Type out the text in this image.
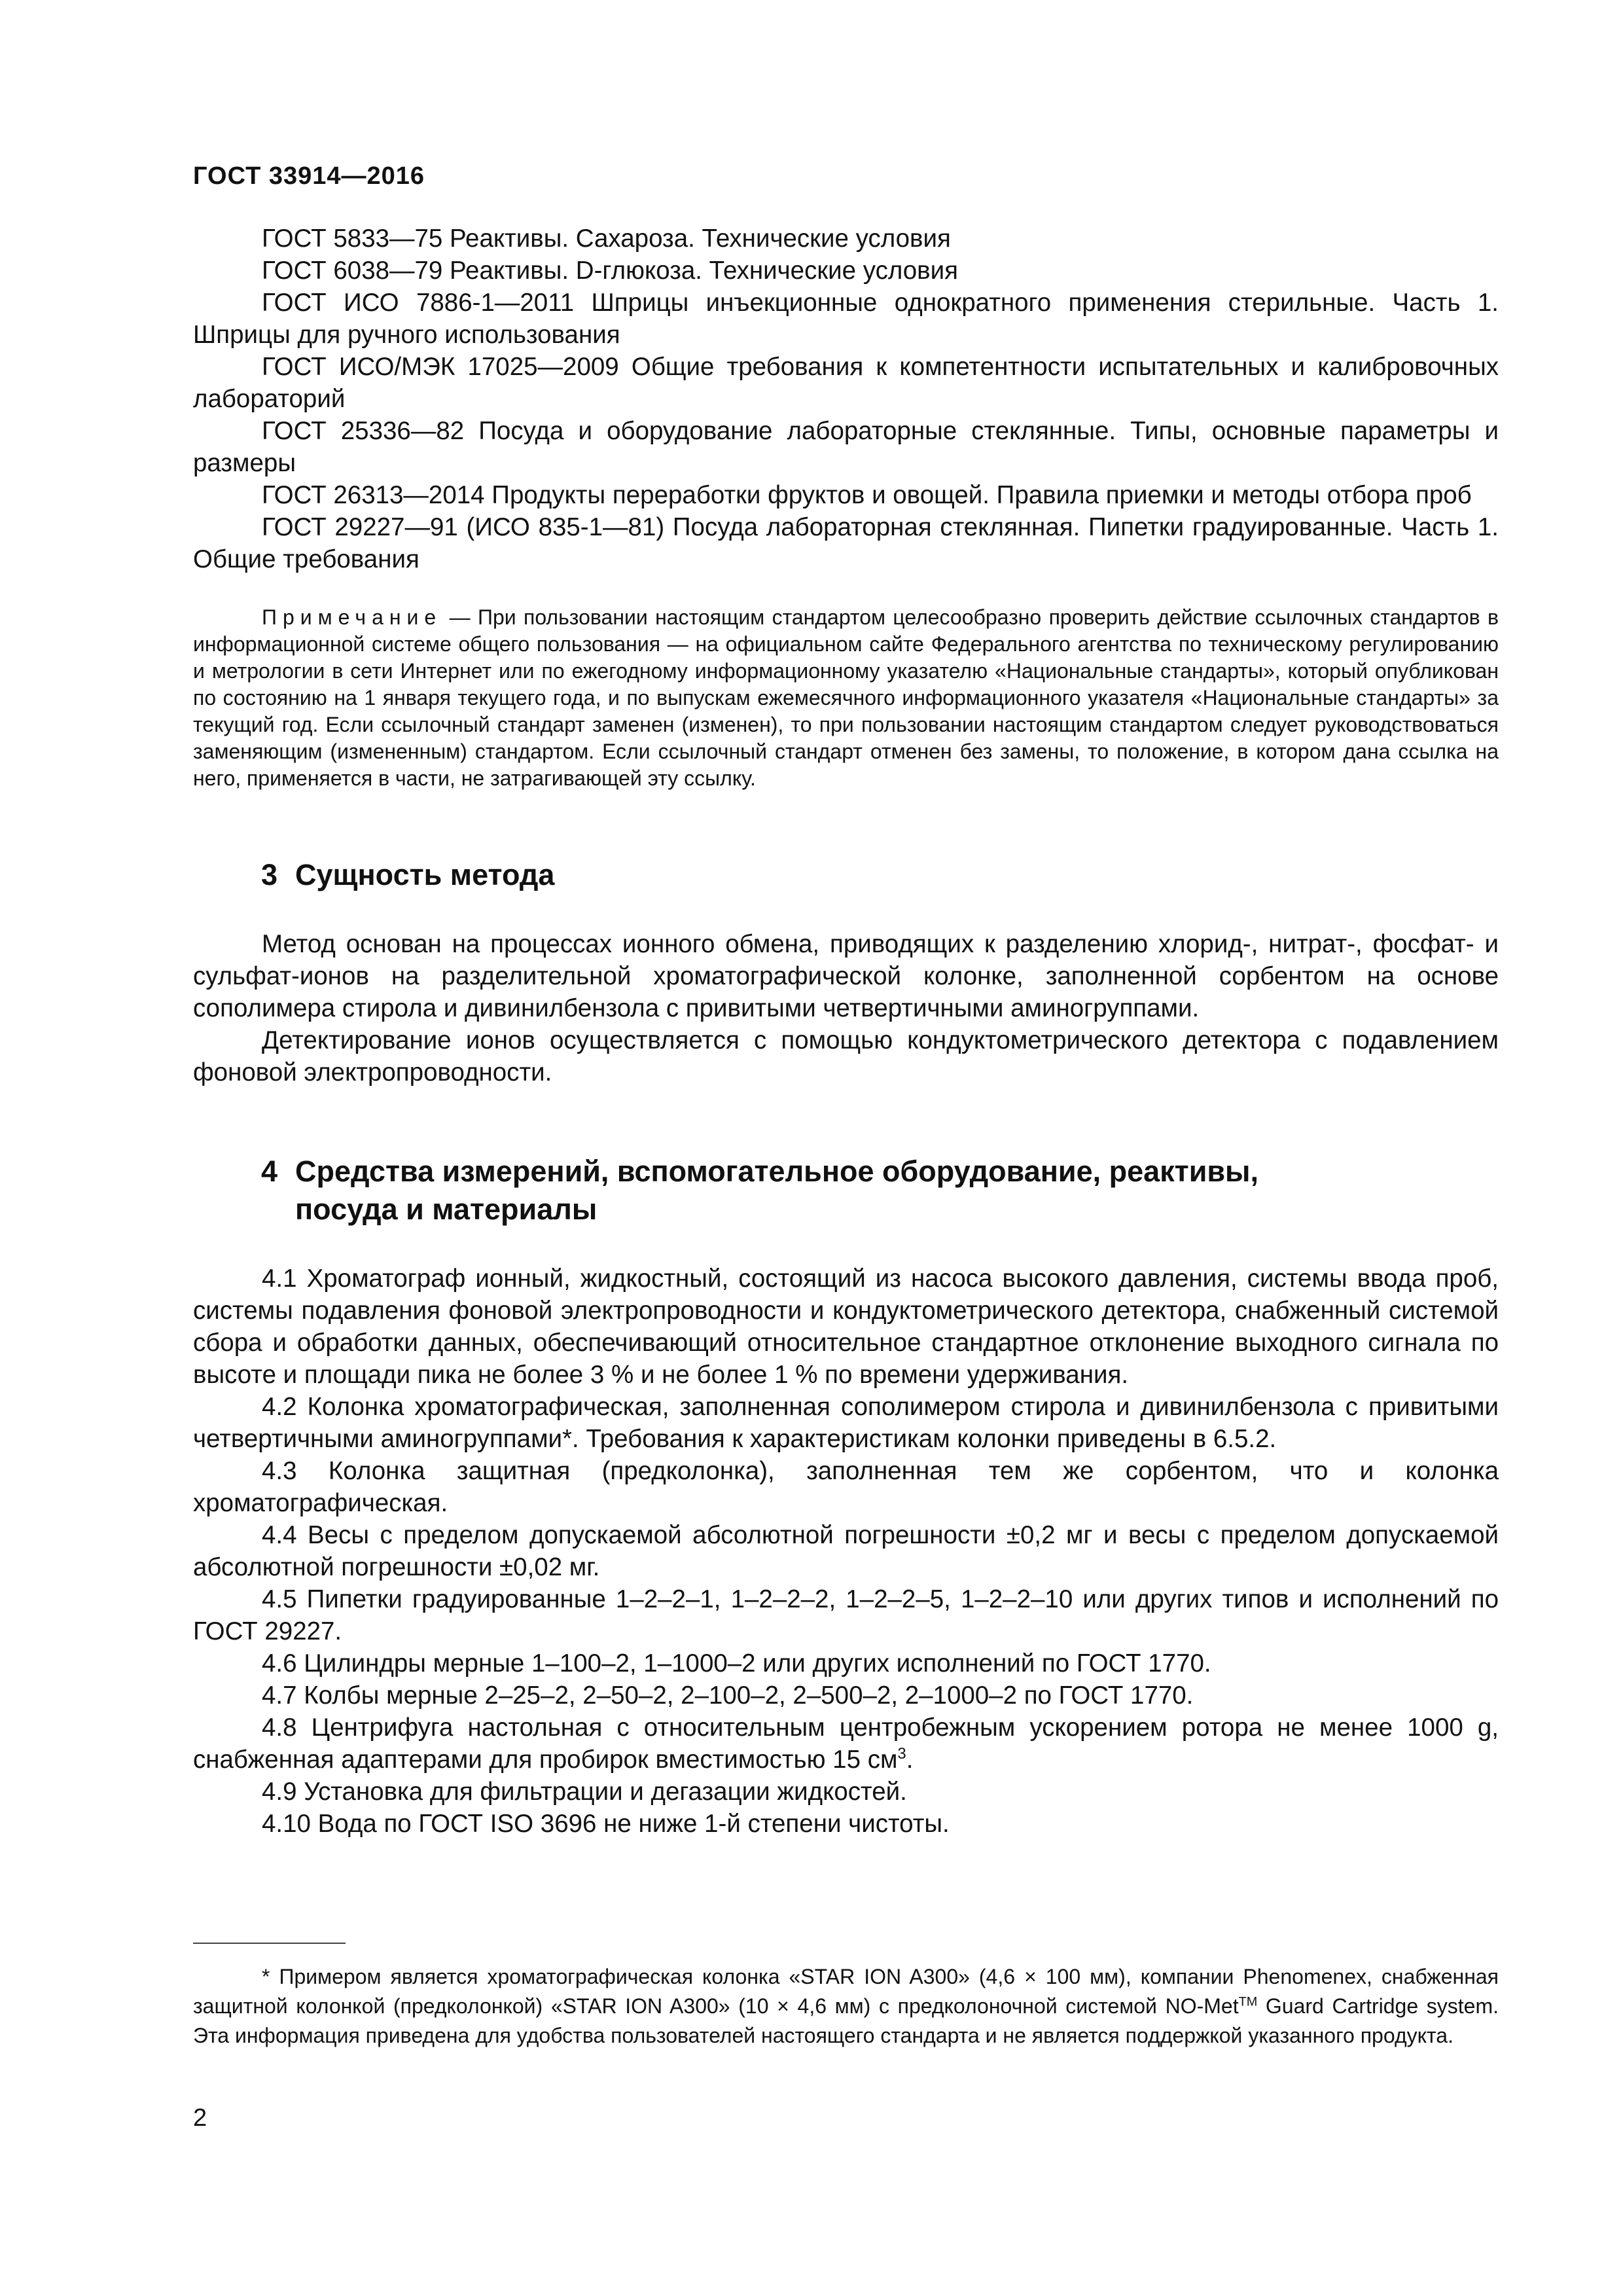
ГОСТ 33914—2016

ГОСТ 5833—75 Реактивы. Сахароза. Технические условия

ГОСТ 6038—79 Реактивы. D-глюкоза. Технические условия

ГОСТ ИСО 7886-1—2011 Шприцы инъекционные однократного применения стерильные. Часть 1. Шприцы для ручного использования

ГОСТ ИСО/МЭК 17025—2009 Общие требования к компетентности испытательных и калибровочных лабораторий

ГОСТ 25336—82 Посуда и оборудование лабораторные стеклянные. Типы, основные параметры и размеры

ГОСТ 26313—2014 Продукты переработки фруктов и овощей. Правила приемки и методы отбора проб

ГОСТ 29227—91 (ИСО 835-1—81) Посуда лабораторная стеклянная. Пипетки градуированные. Часть 1. Общие требования

Примечание — При пользовании настоящим стандартом целесообразно проверить действие ссылочных стандартов в информационной системе общего пользования — на официальном сайте Федерального агентства по техническому регулированию и метрологии в сети Интернет или по ежегодному информационному указателю «Национальные стандарты», который опубликован по состоянию на 1 января текущего года, и по выпускам ежемесячного информационного указателя «Национальные стандарты» за текущий год. Если ссылочный стандарт заменен (изменен), то при пользовании настоящим стандартом следует руководствоваться заменяющим (измененным) стандартом. Если ссылочный стандарт отменен без замены, то положение, в котором дана ссылка на него, применяется в части, не затрагивающей эту ссылку.

3 Сущность метода

Метод основан на процессах ионного обмена, приводящих к разделению хлорид-, нитрат-, фосфат- и сульфат-ионов на разделительной хроматографической колонке, заполненной сорбентом на основе сополимера стирола и дивинилбензола с привитыми четвертичными аминогруппами.

Детектирование ионов осуществляется с помощью кондуктометрического детектора с подавлением фоновой электропроводности.

4 Средства измерений, вспомогательное оборудование, реактивы,
посуда и материалы

4.1 Хроматограф ионный, жидкостный, состоящий из насоса высокого давления, системы ввода проб, системы подавления фоновой электропроводности и кондуктометрического детектора, снабженный системой сбора и обработки данных, обеспечивающий относительное стандартное отклонение выходного сигнала по высоте и площади пика не более 3 % и не более 1 % по времени удерживания.

4.2 Колонка хроматографическая, заполненная сополимером стирола и дивинилбензола с привитыми четвертичными аминогруппами*. Требования к характеристикам колонки приведены в 6.5.2.

4.3 Колонка защитная (предколонка), заполненная тем же сорбентом, что и колонка хроматографическая.

4.4 Весы с пределом допускаемой абсолютной погрешности ±0,2 мг и весы с пределом допускаемой абсолютной погрешности ±0,02 мг.

4.5 Пипетки градуированные 1–2–2–1, 1–2–2–2, 1–2–2–5, 1–2–2–10 или других типов и исполнений по ГОСТ 29227.

4.6 Цилиндры мерные 1–100–2, 1–1000–2 или других исполнений по ГОСТ 1770.

4.7 Колбы мерные 2–25–2, 2–50–2, 2–100–2, 2–500–2, 2–1000–2 по ГОСТ 1770.

4.8 Центрифуга настольная с относительным центробежным ускорением ротора не менее 1000 g, снабженная адаптерами для пробирок вместимостью 15 $см^3$.

4.9 Установка для фильтрации и дегазации жидкостей.

4.10 Вода по ГОСТ ISO 3696 не ниже 1-й степени чистоты.

* Примером является хроматографическая колонка «STAR ION A300» (4,6 × 100 мм), компании Phenomenex, снабженная защитной колонкой (предколонкой) «STAR ION A300» (10 × 4,6 мм) с предколоночной системой NO-Met™ Guard Cartridge system. Эта информация приведена для удобства пользователей настоящего стандарта и не является поддержкой указанного продукта.

2
